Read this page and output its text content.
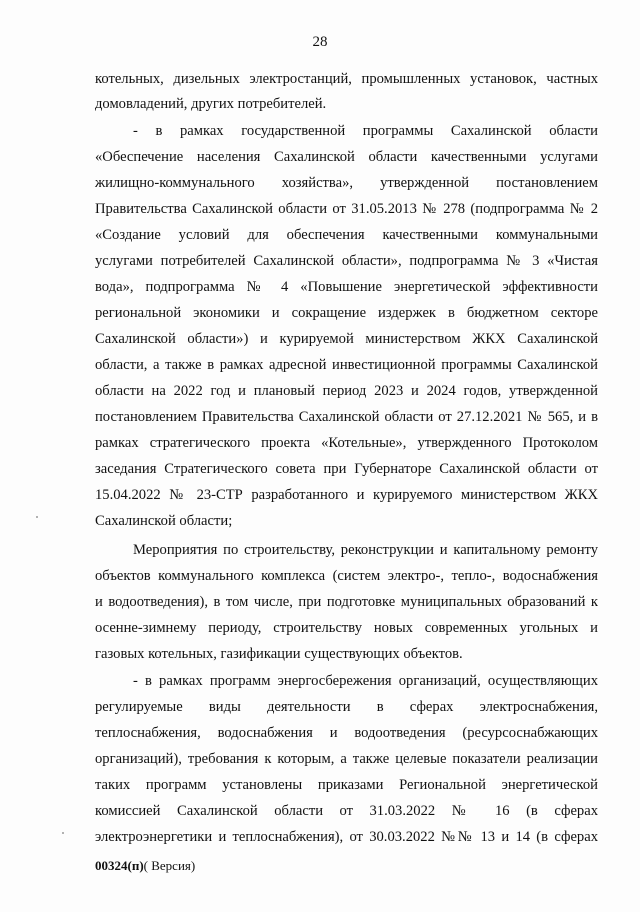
28
котельных, дизельных электростанций, промышленных установок, частных
домовладений, других потребителей.
- в рамках государственной программы Сахалинской области
«Обеспечение населения Сахалинской области качественными услугами
жилищно-коммунального хозяйства», утвержденной постановлением
Правительства Сахалинской области от 31.05.2013 № 278 (подпрограмма № 2
«Создание условий для обеспечения качественными коммунальными
услугами потребителей Сахалинской области», подпрограмма № 3 «Чистая
вода», подпрограмма № 4 «Повышение энергетической эффективности
региональной экономики и сокращение издержек в бюджетном секторе
Сахалинской области») и курируемой министерством ЖКХ Сахалинской
области, а также в рамках адресной инвестиционной программы Сахалинской
области на 2022 год и плановый период 2023 и 2024 годов, утвержденной
постановлением Правительства Сахалинской области от 27.12.2021 № 565, и в
рамках стратегического проекта «Котельные», утвержденного Протоколом
заседания Стратегического совета при Губернаторе Сахалинской области от
15.04.2022 № 23-СТР разработанного и курируемого министерством ЖКХ
Сахалинской области;
Мероприятия по строительству, реконструкции и капитальному ремонту
объектов коммунального комплекса (систем электро-, тепло-, водоснабжения
и водоотведения), в том числе, при подготовке муниципальных образований к
осенне-зимнему периоду, строительству новых современных угольных и
газовых котельных, газификации существующих объектов.
- в рамках программ энергосбережения организаций, осуществляющих
регулируемые виды деятельности в сферах электроснабжения,
теплоснабжения, водоснабжения и водоотведения (ресурсоснабжающих
организаций), требования к которым, а также целевые показатели реализации
таких программ установлены приказами Региональной энергетической
комиссией Сахалинской области от 31.03.2022 № 16 (в сферах
электроэнергетики и теплоснабжения), от 30.03.2022 №№ 13 и 14 (в сферах
00324(п)( Версия)
